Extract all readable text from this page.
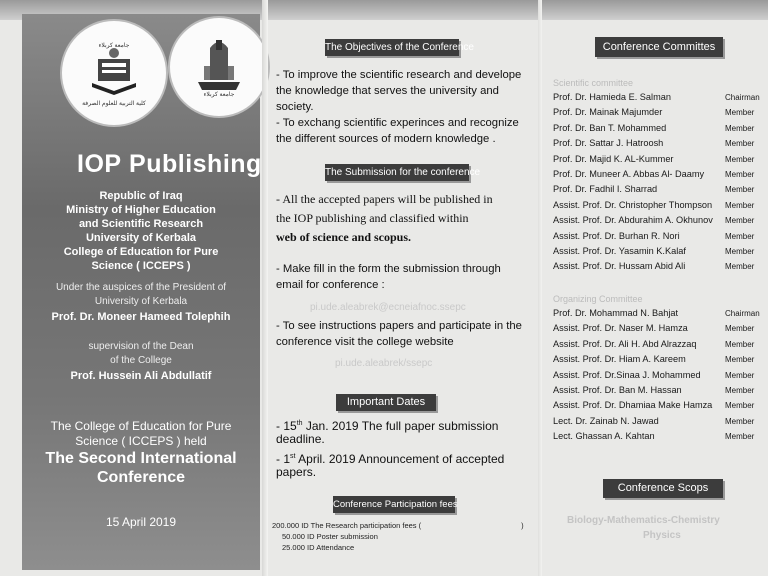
جامعة كربلاء
كلية التربية للعلوم الصرفة
جامعة كربلاء
IOP Publishing
Republic of Iraq
Ministry of Higher Education
and Scientific Research
University of Kerbala
College of Education for Pure
Science ( ICCEPS )
Under the auspices of the President of
University of Kerbala
Prof. Dr. Moneer Hameed Tolephih
supervision of the Dean
of the College
Prof. Hussein Ali Abdullatif
The College of Education for Pure
Science ( ICCEPS ) held
The Second International
Conference
15 April 2019
The Objectives of the Conference
- To improve the scientific research and develope
the knowledge that serves the university and
society.
- To exchang scientific experinces and recognize
the different sources of modern knowledge .
The Submission for the conference
- All the accepted papers will be published in
the IOP publishing and classified within
web of science and scopus.
- Make fill in the form the submission through
email for conference :
pi.ude.aleabrek@ecneiafnoc.ssepc
- To see instructions papers and participate in the
conference visit the college website
pi.ude.aleabrek/ssepc
Important Dates
- 15th Jan. 2019 The full paper submission
deadline.
- 1st April. 2019 Announcement of accepted
papers.
Conference Participation fees
200.000 ID The Research participation fees (	)
50.000 ID Poster submission
25.000 ID Attendance
Conference Committes
Scientific committee
Prof. Dr. Hamieda E. Salman	Chairman
Prof. Dr. Mainak Majumder	Member
Prof. Dr. Ban T. Mohammed	Member
Prof. Dr. Sattar J. Hatroosh	Member
Prof. Dr. Majid K. AL-Kummer	Member
Prof. Dr. Muneer A. Abbas Al- Daamy	Member
Prof. Dr. Fadhil I. Sharrad	Member
Assist. Prof. Dr. Christopher Thompson Member
Assist. Prof. Dr. Abdurahim A. Okhunov Member
Assist. Prof. Dr. Burhan R. Nori	Member
Assist. Prof. Dr. Yasamin K.Kalaf	Member
Assist. Prof. Dr. Hussam Abid Ali	Member
Organizing Committee
Prof. Dr. Mohammad N. Bahjat	Chairman
Assist. Prof. Dr. Naser M. Hamza	Member
Assist. Prof. Dr. Ali H. Abd Alrazzaq	Member
Assist. Prof. Dr. Hiam A. Kareem	Member
Assist. Prof. Dr.Sinaa J. Mohammed	Member
Assist. Prof. Dr. Ban M. Hassan	Member
Assist. Prof. Dr. Dhamiaa Make Hamza Member
Lect. Dr. Zainab N. Jawad	Member
Lect. Ghassan A. Kahtan	Member
Conference Scops
Biology-Mathematics-Chemistry
Physics
